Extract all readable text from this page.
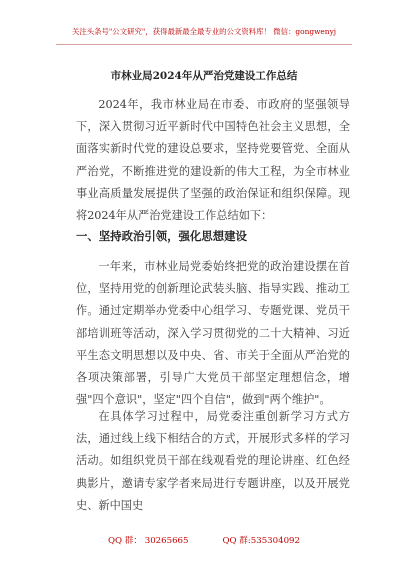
关注头条号"公文研究"，获得最新最全最专业的公文资料库！ 微信：gongwenyj
市林业局2024年从严治党建设工作总结

2024年，我市林业局在市委、市政府的坚强领导下，深入贯彻习近平新时代中国特色社会主义思想，全面落实新时代党的建设总要求，坚持党要管党、全面从严治党，不断推进党的建设新的伟大工程，为全市林业事业高质量发展提供了坚强的政治保证和组织保障。现将2024年从严治党建设工作总结如下：

一、坚持政治引领，强化思想建设

一年来，市林业局党委始终把党的政治建设摆在首位，坚持用党的创新理论武装头脑、指导实践、推动工作。通过定期举办党委中心组学习、专题党课、党员干部培训班等活动，深入学习贯彻党的二十大精神、习近平生态文明思想以及中央、省、市关于全面从严治党的各项决策部署，引导广大党员干部坚定理想信念，增强"四个意识"，坚定"四个自信"，做到"两个维护"。

在具体学习过程中，局党委注重创新学习方式方法，通过线上线下相结合的方式，开展形式多样的学习活动。如组织党员干部在线观看党的理论讲座、红色经典影片，邀请专家学者来局进行专题讲座，以及开展党史、新中国史

QQ 群： 30265665	QQ 群:535304092
